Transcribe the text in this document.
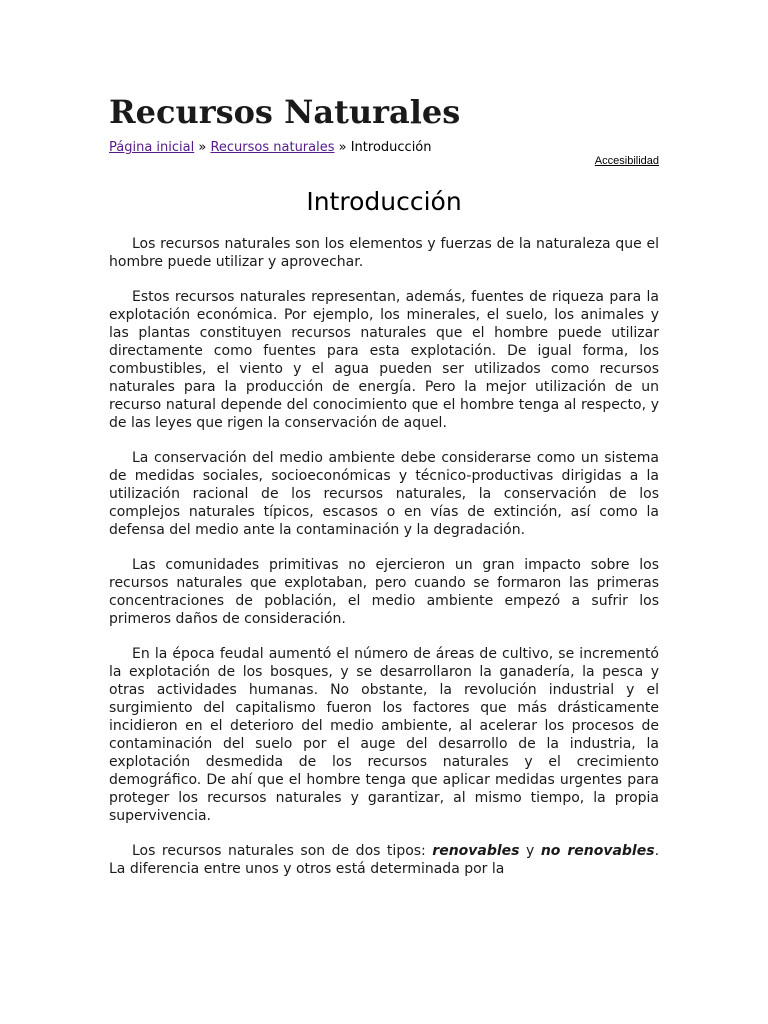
Recursos Naturales
Página inicial » Recursos naturales » Introducción
Accesibilidad
Introducción

Los recursos naturales son los elementos y fuerzas de la naturaleza que el hombre puede utilizar y aprovechar.

Estos recursos naturales representan, además, fuentes de riqueza para la explotación económica. Por ejemplo, los minerales, el suelo, los animales y las plantas constituyen recursos naturales que el hombre puede utilizar directamente como fuentes para esta explotación. De igual forma, los combustibles, el viento y el agua pueden ser utilizados como recursos naturales para la producción de energía. Pero la mejor utilización de un recurso natural depende del conocimiento que el hombre tenga al respecto, y de las leyes que rigen la conservación de aquel.

La conservación del medio ambiente debe considerarse como un sistema de medidas sociales, socioeconómicas y técnico-productivas dirigidas a la utilización racional de los recursos naturales, la conservación de los complejos naturales típicos, escasos o en vías de extinción, así como la defensa del medio ante la contaminación y la degradación.

Las comunidades primitivas no ejercieron un gran impacto sobre los recursos naturales que explotaban, pero cuando se formaron las primeras concentraciones de población, el medio ambiente empezó a sufrir los primeros daños de consideración.

En la época feudal aumentó el número de áreas de cultivo, se incrementó la explotación de los bosques, y se desarrollaron la ganadería, la pesca y otras actividades humanas. No obstante, la revolución industrial y el surgimiento del capitalismo fueron los factores que más drásticamente incidieron en el deterioro del medio ambiente, al acelerar los procesos de contaminación del suelo por el auge del desarrollo de la industria, la explotación desmedida de los recursos naturales y el crecimiento demográfico. De ahí que el hombre tenga que aplicar medidas urgentes para proteger los recursos naturales y garantizar, al mismo tiempo, la propia supervivencia.

Los recursos naturales son de dos tipos: renovables y no renovables. La diferencia entre unos y otros está determinada por la
